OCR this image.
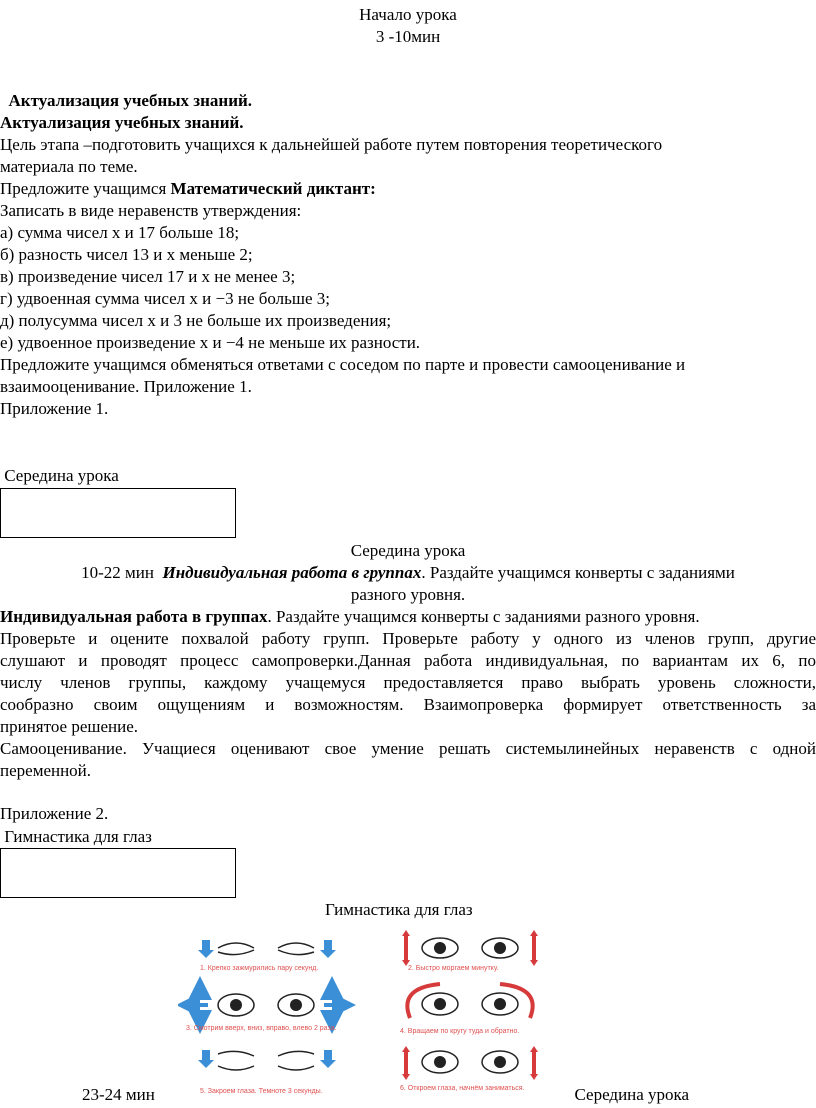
Начало урока
3 -10мин
Актуализация учебных знаний.
Актуализация учебных знаний.
Цель этапа –подготовить учащихся к дальнейшей работе путем повторения теоретического
материала по теме.
Предложите учащимся Математический диктант:
Записать в виде неравенств утверждения:
а) сумма чисел х и 17 больше 18;
б) разность чисел 13 и х меньше 2;
в) произведение чисел 17 и х не менее 3;
г) удвоенная сумма чисел х и −3 не больше 3;
д) полусумма чисел х и 3 не больше их произведения;
е) удвоенное произведение х и −4 не меньше их разности.
Предложите учащимся обменяться ответами с соседом по парте и провести самооценивание и
взаимооценивание. Приложение 1.
Приложение 1.
Середина урока
Середина урока
10-22 мин Индивидуальная работа в группах. Раздайте учащимся конверты с заданиями
разного уровня.
Индивидуальная работа в группах. Раздайте учащимся конверты с заданиями разного уровня.
Проверьте и оцените похвалой работу групп. Проверьте работу у одного из членов групп, другие
слушают и проводят процесс самопроверки.Данная работа индивидуальная, по вариантам их 6, по
числу членов группы, каждому учащемуся предоставляется право выбрать уровень сложности,
сообразно своим ощущениям и возможностям. Взаимопроверка формирует ответственность за
принятое решение.
Самооценивание. Учащиеся оценивают свое умение решать системылинейных неравенств с одной
переменной.
Приложение 2.
Гимнастика для глаз
Гимнастика для глаз
1. Крепко зажмурились пару секунд.	2. Быстро моргаем минутку.
3. Смотрим вверх, вниз, вправо, влево 2 раза.	4. Вращаем по кругу туда и обратно.
5. Закроем глаза. Темноте 3 секунды.	6. Откроем глаза, начнём заниматься.
23-24 мин	Середина урока
